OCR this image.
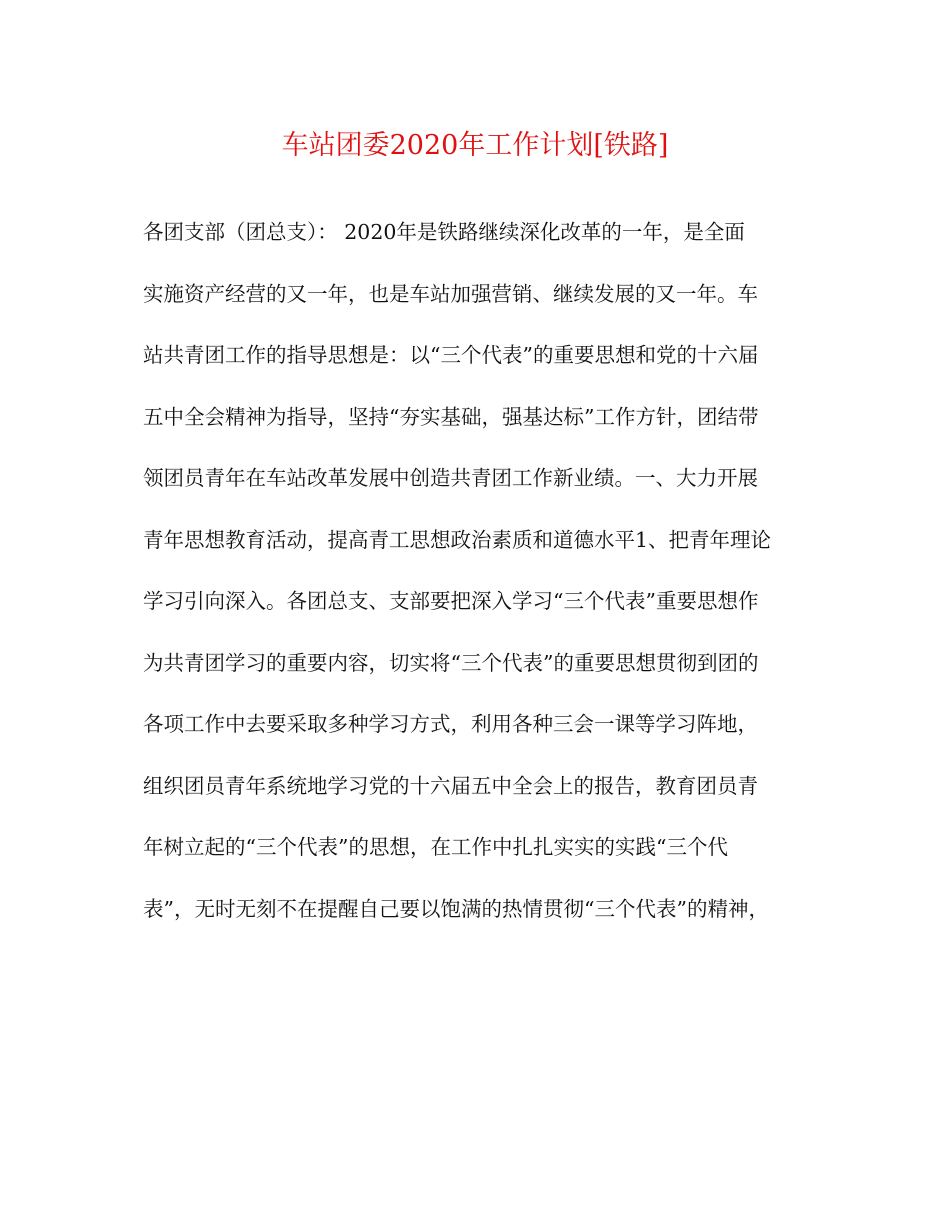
车站团委2020年工作计划[铁路]
各团支部（团总支）： 2020年是铁路继续深化改革的一年，是全面
实施资产经营的又一年，也是车站加强营销、继续发展的又一年。车
站共青团工作的指导思想是：以“三个代表”的重要思想和党的十六届
五中全会精神为指导，坚持“夯实基础，强基达标”工作方针，团结带
领团员青年在车站改革发展中创造共青团工作新业绩。一、大力开展
青年思想教育活动，提高青工思想政治素质和道德水平1、把青年理论
学习引向深入。各团总支、支部要把深入学习“三个代表”重要思想作
为共青团学习的重要内容，切实将“三个代表”的重要思想贯彻到团的
各项工作中去要采取多种学习方式，利用各种三会一课等学习阵地，
组织团员青年系统地学习党的十六届五中全会上的报告，教育团员青
年树立起的“三个代表”的思想，在工作中扎扎实实的实践“三个代
表”，无时无刻不在提醒自己要以饱满的热情贯彻“三个代表”的精神，
